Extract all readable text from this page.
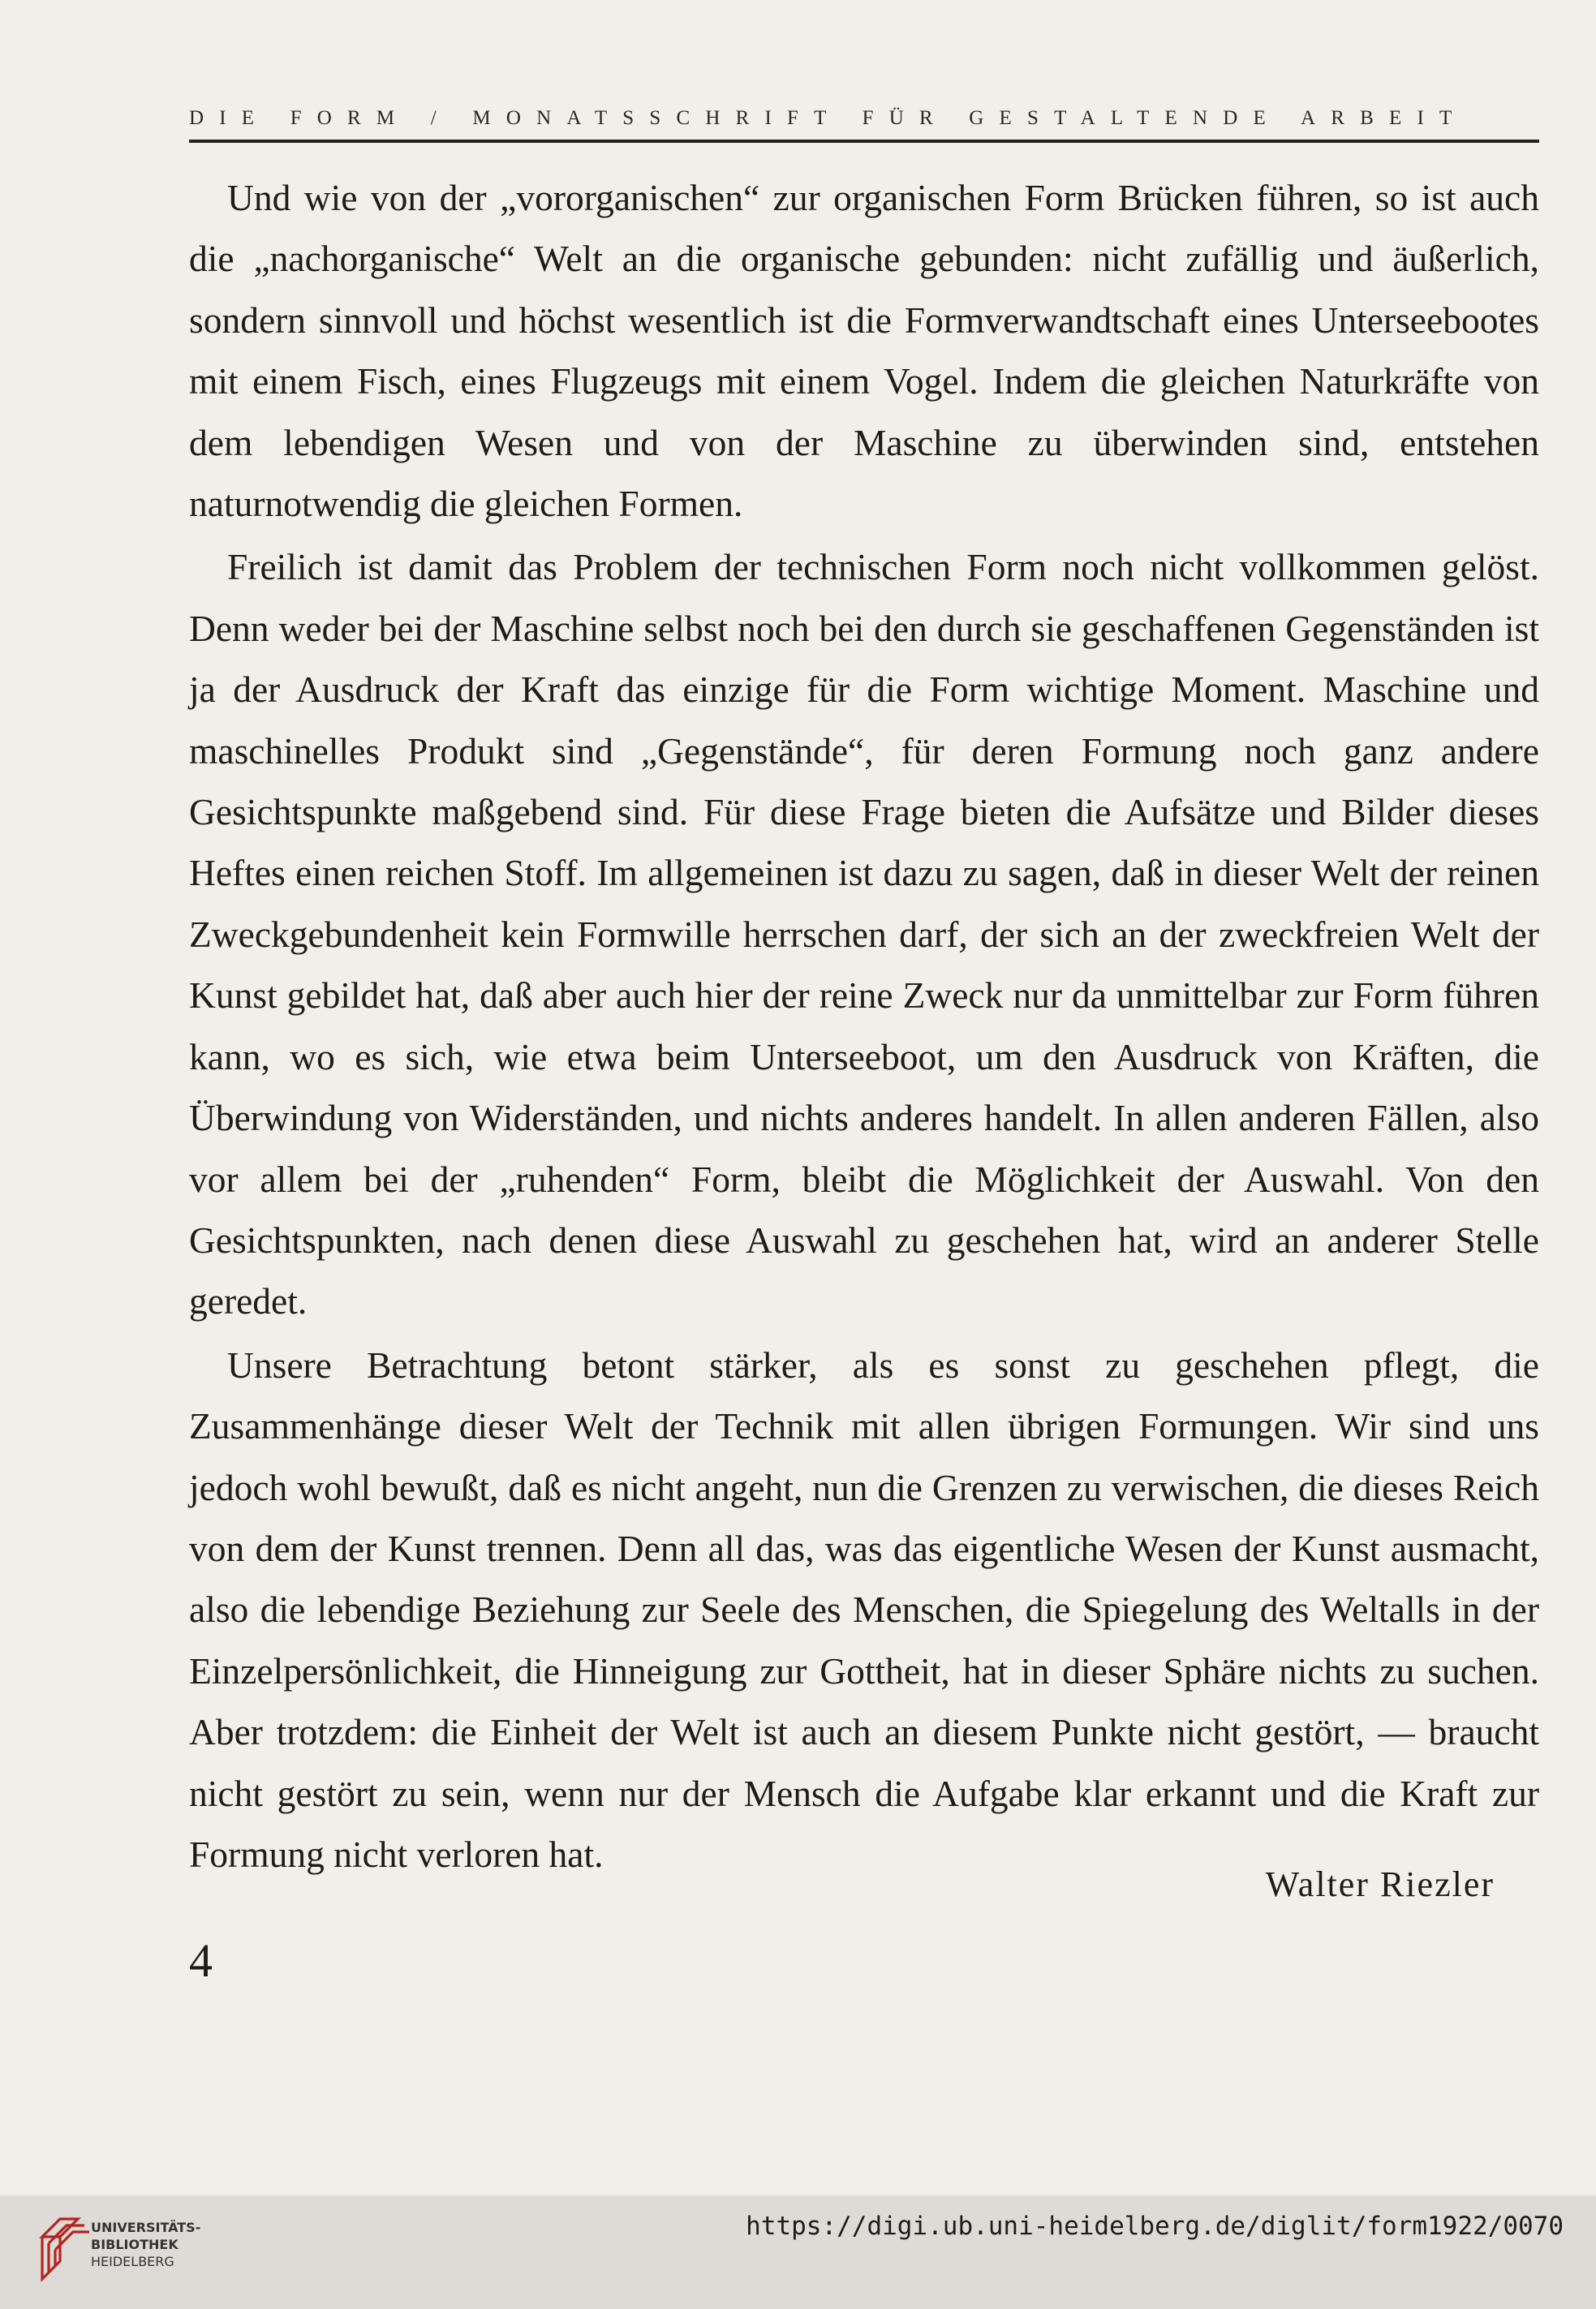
DIE FORM / MONATSSCHRIFT FÜR GESTALTENDE ARBEIT

Und wie von der „vororganischen“ zur organischen Form Brücken führen, so ist auch die „nachorganische“ Welt an die organische gebunden: nicht zufällig und äußerlich, sondern sinnvoll und höchst wesentlich ist die Formverwandtschaft eines Unterseebootes mit einem Fisch, eines Flugzeugs mit einem Vogel. Indem die gleichen Naturkräfte von dem lebendigen Wesen und von der Maschine zu überwinden sind, entstehen naturnotwendig die gleichen Formen.

Freilich ist damit das Problem der technischen Form noch nicht vollkommen gelöst. Denn weder bei der Maschine selbst noch bei den durch sie geschaffenen Gegenständen ist ja der Ausdruck der Kraft das einzige für die Form wichtige Moment. Maschine und maschinelles Produkt sind „Gegenstände“, für deren Formung noch ganz andere Gesichtspunkte maßgebend sind. Für diese Frage bieten die Aufsätze und Bilder dieses Heftes einen reichen Stoff. Im allgemeinen ist dazu zu sagen, daß in dieser Welt der reinen Zweckgebundenheit kein Formwille herrschen darf, der sich an der zweckfreien Welt der Kunst gebildet hat, daß aber auch hier der reine Zweck nur da unmittelbar zur Form führen kann, wo es sich, wie etwa beim Unterseeboot, um den Ausdruck von Kräften, die Überwindung von Widerständen, und nichts anderes handelt. In allen anderen Fällen, also vor allem bei der „ruhenden“ Form, bleibt die Möglichkeit der Auswahl. Von den Gesichtspunkten, nach denen diese Auswahl zu geschehen hat, wird an anderer Stelle geredet.

Unsere Betrachtung betont stärker, als es sonst zu geschehen pflegt, die Zusammenhänge dieser Welt der Technik mit allen übrigen Formungen. Wir sind uns jedoch wohl bewußt, daß es nicht angeht, nun die Grenzen zu verwischen, die dieses Reich von dem der Kunst trennen. Denn all das, was das eigentliche Wesen der Kunst ausmacht, also die lebendige Beziehung zur Seele des Menschen, die Spiegelung des Weltalls in der Einzelpersönlichkeit, die Hinneigung zur Gottheit, hat in dieser Sphäre nichts zu suchen. Aber trotzdem: die Einheit der Welt ist auch an diesem Punkte nicht gestört, — braucht nicht gestört zu sein, wenn nur der Mensch die Aufgabe klar erkannt und die Kraft zur Formung nicht verloren hat.

Walter Riezler
4
UNIVERSITÄTS-
BIBLIOTHEK
HEIDELBERG
https://digi.ub.uni-heidelberg.de/diglit/form1922/0070
